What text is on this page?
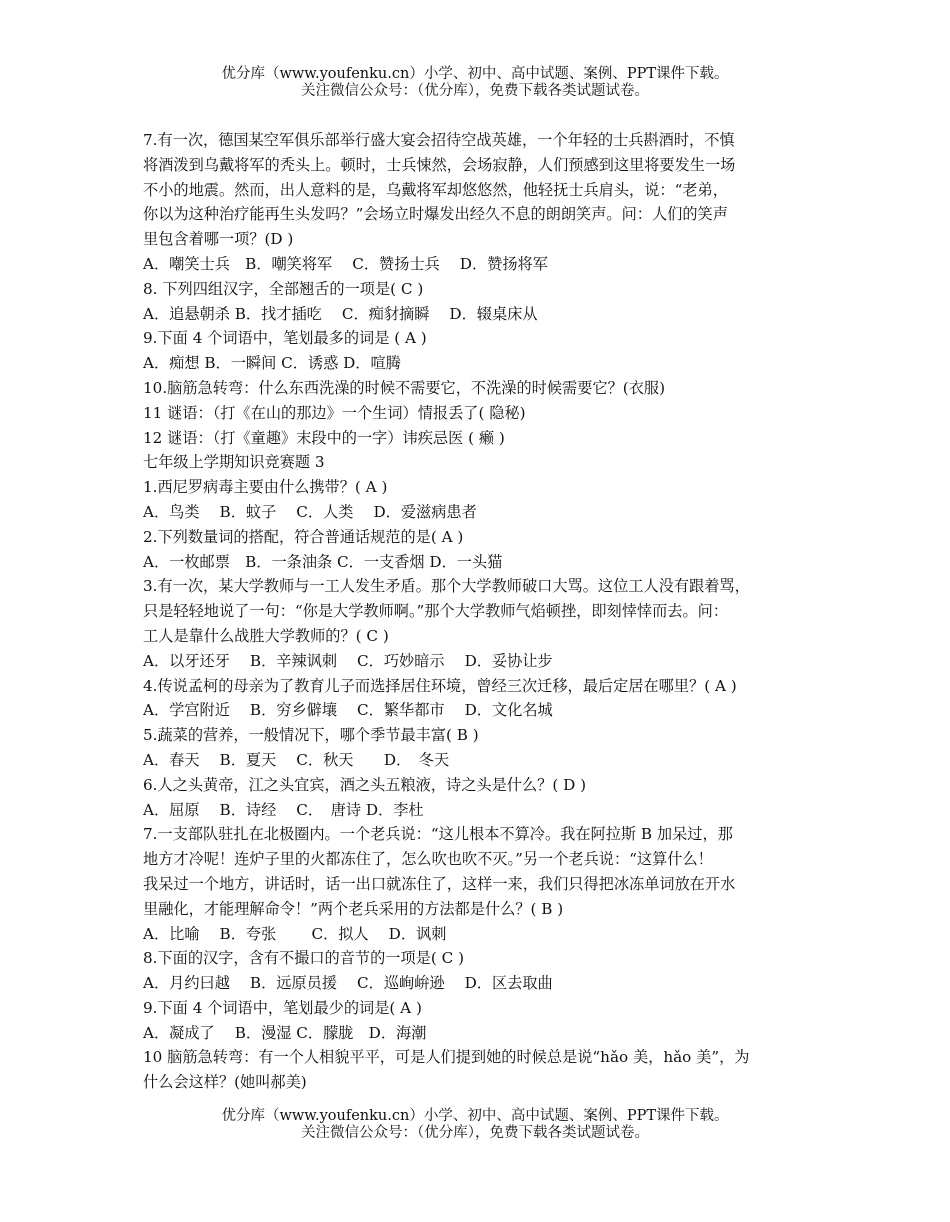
优分库（www.youfenku.cn）小学、初中、高中试题、案例、PPT课件下载。
关注微信公众号：（优分库），免费下载各类试题试卷。
7.有一次，德国某空军俱乐部举行盛大宴会招待空战英雄，一个年轻的士兵斟酒时，不慎
将酒泼到乌戴将军的秃头上。顿时，士兵悚然，会场寂静，人们预感到这里将要发生一场
不小的地震。然而，出人意料的是，乌戴将军却悠悠然，他轻抚士兵肩头，说：“老弟，
你以为这种治疗能再生头发吗？”会场立时爆发出经久不息的朗朗笑声。问：人们的笑声
里包含着哪一项？(D )
A．嘲笑士兵　B．嘲笑将军　 C．赞扬士兵　 D．赞扬将军
8. 下列四组汉字，全部翘舌的一项是( C )
A．追悬朝杀 B．找才插吃　 C．痴豺摘瞬　 D．辍桌床从
9.下面 4 个词语中，笔划最多的词是 ( A )
A．痴想 B．一瞬间 C．诱惑 D．喧腾
10.脑筋急转弯：什么东西洗澡的时候不需要它，不洗澡的时候需要它？(衣服)
11 谜语：（打《在山的那边》一个生词）情报丢了( 隐秘)
12 谜语：（打《童趣》末段中的一字）讳疾忌医 ( 癞 )
七年级上学期知识竞赛题 3
1.西尼罗病毒主要由什么携带？( A )
A．鸟类　 B．蚊子　 C．人类　 D．爱滋病患者
2.下列数量词的搭配，符合普通话规范的是( A )
A．一枚邮票　B．一条油条 C．一支香烟 D．一头猫
3.有一次，某大学教师与一工人发生矛盾。那个大学教师破口大骂。这位工人没有跟着骂，
只是轻轻地说了一句：“你是大学教师啊。”那个大学教师气焰顿挫，即刻悻悻而去。问：
工人是靠什么战胜大学教师的？( C )
A．以牙还牙　 B．辛辣讽刺　 C．巧妙暗示　 D．妥协让步
4.传说孟柯的母亲为了教育儿子而选择居住环境，曾经三次迁移，最后定居在哪里？( A )
A．学宫附近　 B．穷乡僻壤　 C．繁华都市　 D．文化名城
5.蔬菜的营养，一般情况下，哪个季节最丰富( B )
A．春天　 B．夏天　 C．秋天　　D．　冬天
6.人之头黄帝，江之头宜宾，酒之头五粮液，诗之头是什么？( D )
A．屈原　 B．诗经　 C．　唐诗 D．李杜
7.一支部队驻扎在北极圈内。一个老兵说：“这儿根本不算冷。我在阿拉斯 B 加呆过，那
地方才冷呢！连炉子里的火都冻住了，怎么吹也吹不灭。”另一个老兵说：“这算什么！
我呆过一个地方，讲话时，话一出口就冻住了，这样一来，我们只得把冰冻单词放在开水
里融化，才能理解命令！”两个老兵采用的方法都是什么？( B )
A．比喻　 B．夸张　　 C．拟人　 D．讽刺
8.下面的汉字，含有不撮口的音节的一项是( C )
A．月约曰越　 B．远原员援　 C．巡峋峅逊　 D．区去取曲
9.下面 4 个词语中，笔划最少的词是( A )
A．凝成了　 B．漫湿 C．朦胧　D．海潮
10 脑筋急转弯：有一个人相貌平平，可是人们提到她的时候总是说“hǎo 美，hǎo 美”，为
什么会这样？(她叫郝美)
优分库（www.youfenku.cn）小学、初中、高中试题、案例、PPT课件下载。
关注微信公众号：（优分库），免费下载各类试题试卷。
